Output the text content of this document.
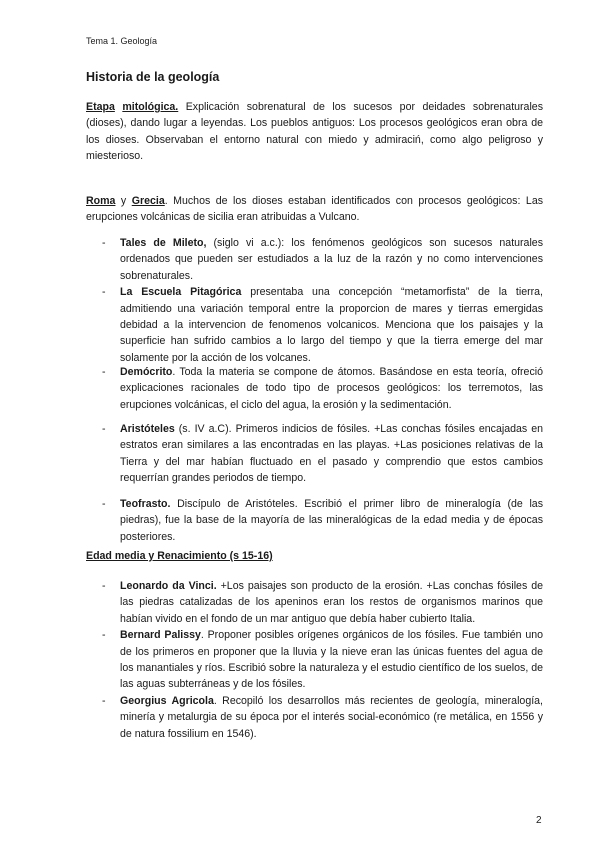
Tema 1. Geología
Historia de la geología

Etapa mitológica. Explicación sobrenatural de los sucesos por deidades sobrenaturales (dioses), dando lugar a leyendas. Los pueblos antiguos: Los procesos geológicos eran obra de los dioses. Observaban el entorno natural con miedo y admiraciń, como algo peligroso y miesterioso.

Roma y Grecia. Muchos de los dioses estaban identificados con procesos geológicos: Las erupciones volcánicas de sicilia eran atribuidas a Vulcano.

- Tales de Mileto, (siglo vi a.c.): los fenómenos geológicos son sucesos naturales ordenados que pueden ser estudiados a la luz de la razón y no como intervenciones sobrenaturales.
- La Escuela Pitagórica presentaba una concepción “metamorfista” de la tierra, admitiendo una variación temporal entre la proporcion de mares y tierras emergidas debidad a la intervencion de fenomenos volcanicos. Menciona que los paisajes y la superficie han sufrido cambios a lo largo del tiempo y que la tierra emerge del mar solamente por la acción de los volcanes.
- Demócrito. Toda la materia se compone de átomos. Basándose en esta teoría, ofreció explicaciones racionales de todo tipo de procesos geológicos: los terremotos, las erupciones volcánicas, el ciclo del agua, la erosión y la sedimentación.
- Aristóteles (s. IV a.C). Primeros indicios de fósiles. +Las conchas fósiles encajadas en estratos eran similares a las encontradas en las playas. +Las posiciones relativas de la Tierra y del mar habían fluctuado en el pasado y comprendio que estos cambios requerrían grandes periodos de tiempo.
- Teofrasto. Discípulo de Aristóteles. Escribió el primer libro de mineralogía (de las piedras), fue la base de la mayoría de las mineralógicas de la edad media y de épocas posteriores.
Edad media y Renacimiento (s 15-16)
- Leonardo da Vinci. +Los paisajes son producto de la erosión. +Las conchas fósiles de las piedras catalizadas de los apeninos eran los restos de organismos marinos que habían vivido en el fondo de un mar antiguo que debía haber cubierto Italia.
- Bernard Palissy. Proponer posibles orígenes orgánicos de los fósiles. Fue también uno de los primeros en proponer que la lluvia y la nieve eran las únicas fuentes del agua de los manantiales y ríos. Escribió sobre la naturaleza y el estudio científico de los suelos, de las aguas subterráneas y de los fósiles.
- Georgius Agricola. Recopiló los desarrollos más recientes de geología, mineralogía, minería y metalurgia de su época por el interés social-económico (re metálica, en 1556 y de natura fossilium en 1546).
2
